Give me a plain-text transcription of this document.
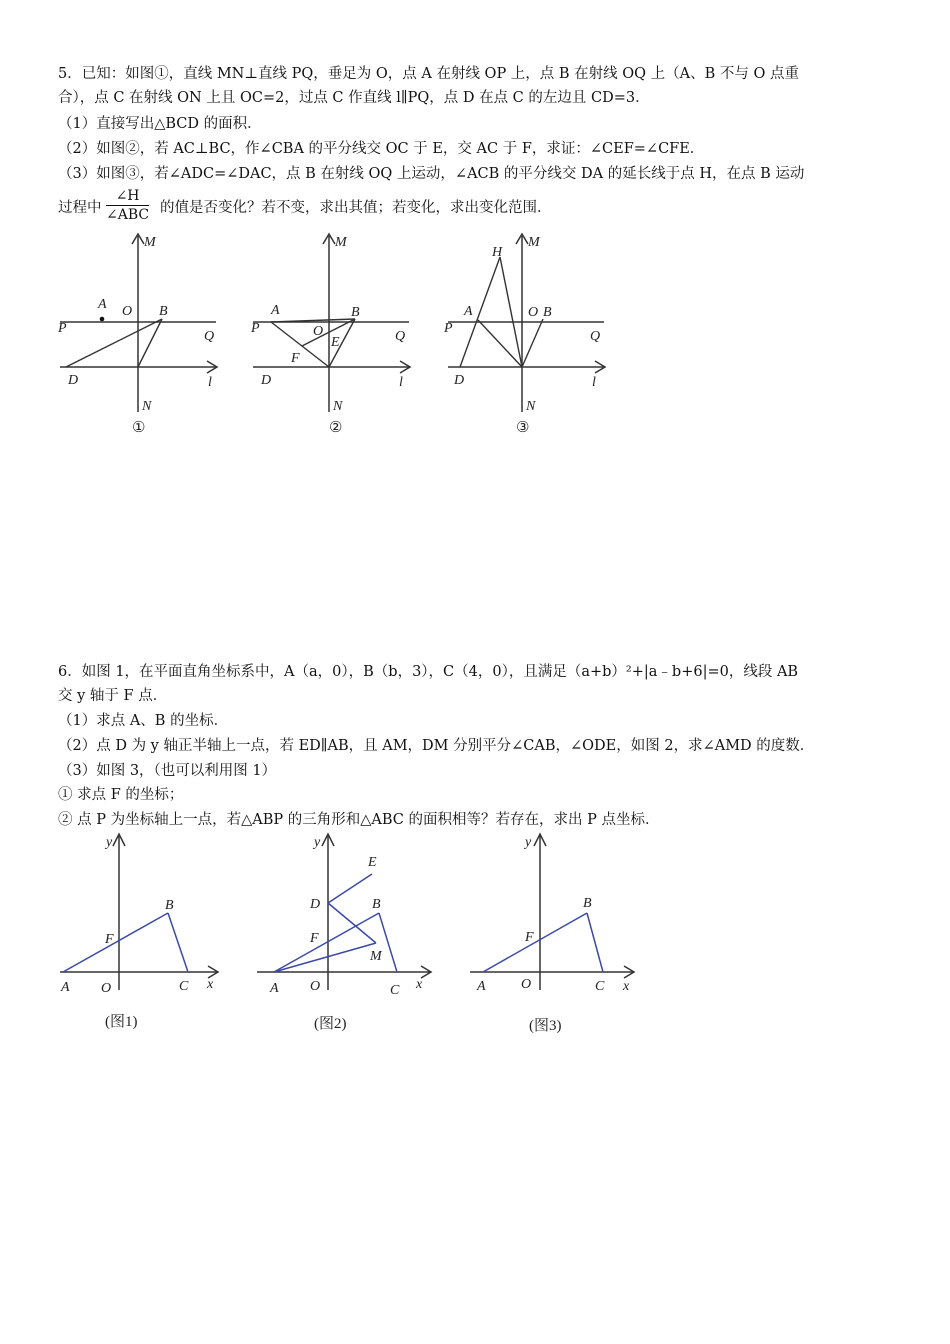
5．已知：如图①，直线 MN⊥直线 PQ，垂足为 O，点 A 在射线 OP 上，点 B 在射线 OQ 上（A、B 不与 O 点重
合），点 C 在射线 ON 上且 OC=2，过点 C 作直线 l∥PQ，点 D 在点 C 的左边且 CD=3．
（1）直接写出△BCD 的面积．
（2）如图②，若 AC⊥BC，作∠CBA 的平分线交 OC 于 E，交 AC 于 F，求证：∠CEF=∠CFE．
（3）如图③，若∠ADC=∠DAC，点 B 在射线 OQ 上运动，∠ACB 的平分线交 DA 的延长线于点 H，在点 B 运动
过程中
∠H
∠ABC 的值是否变化？若不变，求出其值；若变化，求出变化范围．
M
N
P
Q
A O B
D	l
①
M
N
P
Q
A
O
B
E
F
D	l
②
M
N
P
Q
H
A	O B
D	l
③
6．如图 1，在平面直角坐标系中，A（a，0），B（b，3），C（4，0），且满足（a+b）²+|a﹣b+6|=0，线段 AB
交 y 轴于 F 点．
（1）求点 A、B 的坐标．
（2）点 D 为 y 轴正半轴上一点，若 ED∥AB，且 AM，DM 分别平分∠CAB，∠ODE，如图 2，求∠AMD 的度数．
（3）如图 3，（也可以利用图 1）
① 求点 F 的坐标；
② 点 P 为坐标轴上一点，若△ABP 的三角形和△ABC 的面积相等？若存在，求出 P 点坐标．
y
x
A O
B
C
F
(图1)
y
x
A O
B
C
F
D
E
M
(图2)
y
x
A	O
B
C
F
(图3)
